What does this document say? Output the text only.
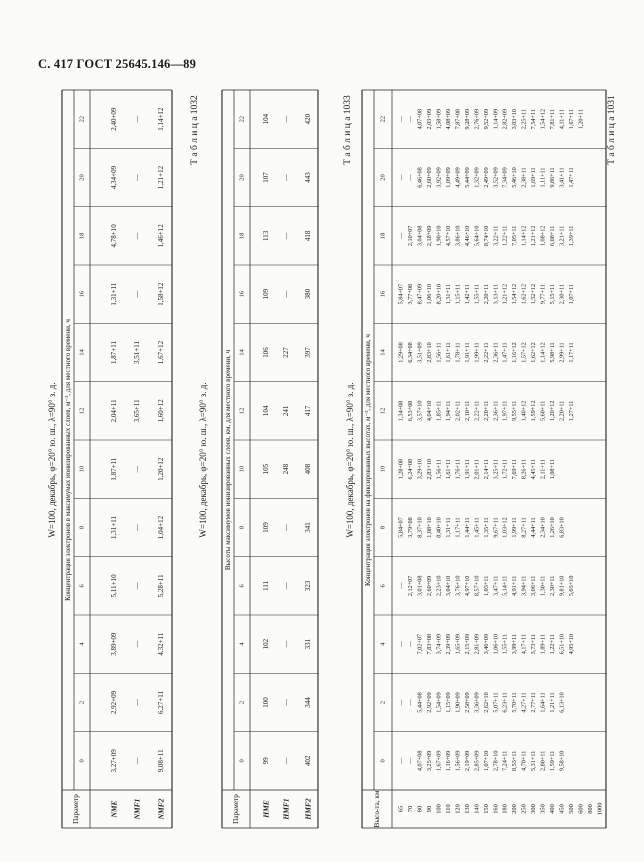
С. 417 ГОСТ 25645.146—89
Т а б л и ц а 1031
W=100, декабрь, φ=20° ю. ш., λ=90° з. д. Концентрация электронов в максимумах ионизированных слоев, м⁻³, для местного времени, ч
Параметр
0
2
4
6
8
10
12
14
16
18
20
22
NME
3,27+09
2,92+09
3,89+09
5,11+10
1,31+11
1,87+11
2,04+11
1,87+11
1,31+11
4,78+10
4,34+09
2,40+09
NMF1
—
—
—
—
—
—
3,65+11
3,51+11
—
—
—
—
NMF2
9,08+11
6,27+11
4,32+11
5,28+11
1,04+12
1,20+12
1,60+12
1,67+12
1,58+12
1,46+12
1,21+12
1,14+12	Т а б л и ц а 1032
W=100, декабрь, φ=20° ю. ш., λ=90° з. д. Высоты максимумов ионизированных слоев, км, для местного времени, ч
Параметр
0
2
4
6
8
10
12
14
16
18
20
22
HME
99
100
102
111
109
105
104
106
109
113
107
104
HMF1
—
—
—
—
—
248
241
227
—
—
—
—
HMF2
402
344
331
323
341
408
417
397
380
418
443
420	Т а б л и ц а 1033
W=100, декабрь, φ=20° ю. ш., λ=90° з. д. Концентрация электронов на фиксированных высотах, м⁻³, для местного времени, ч
Высо-та, км
0
2
4
6
8
10
12
14
16
18
20
22
65 70 80 90 100 110 120 130 140 150 160 180 200 250 300 350 400 450 500 600 800 1000
— — 4,07+08 3,25+09 1,67+09 1,16+09 1,56+09 2,19+09 2,85+09 1,07+10 2,78+10 7,24+11 8,53+11 4,70+11 5,31+11 2,80+11 1,59+11 9,58+10
— — 5,44+08 2,92+09 1,54+09 1,15+09 1,90+09 2,58+09 3,36+09 2,62+10 5,07+11 6,23+11 5,70+11 4,27+11 2,77+11 1,64+11 1,21+11 6,13+10
— — 7,02+07 7,83+08 3,74+09 2,39+09 1,65+09 2,15+09 2,81+09 3,46+09 1,06+10 1,55+11 3,99+11 4,17+11 3,73+11 1,89+11 1,22+11 6,51+10 4,95+10
— 2,12+07 3,01+08 2,60+09 2,23+10 3,04+10 3,76+10 4,97+10 8,57+10 1,03+11 3,47+11 5,14+11 4,91+11 3,94+11 3,06+11 1,30+11 2,30+11 9,81+10 5,03+10
5,84+07 3,79+08 8,37+10 1,08+10 8,40+10 1,31+11 1,17+11 1,44+11 1,45+11 1,35+11 9,67+11 1,03+12 1,99+11 8,27+11 4,44+11 2,34+10 1,26+10 6,83+10
1,28+08 6,24+08 3,29+10 2,83+10 1,56+11 1,61+11 1,76+11 1,91+11 2,01+11 2,14+11 3,25+11 1,72+11 7,69+11 8,26+11 4,45+11 2,11+11 1,08+11
1,34+08 6,53+08 3,57+10 4,04+10 1,85+11 1,94+11 2,02+11 2,10+11 2,22+11 2,20+11 2,36+11 1,97+11 9,55+11 1,40+12 1,59+12 5,60+11 1,20+12 2,20+11 1,27+11
1,29+08 6,34+08 3,51+09 2,83+10 1,56+11 1,61+11 1,78+11 1,91+11 1,99+11 2,22+11 2,36+11 1,47+11 1,16+12 1,57+12 1,62+12 1,14+12 5,98+11 2,99+11 1,17+11
5,84+07 3,77+08 8,47+09 1,06+10 8,20+10 1,31+11 1,15+11 1,42+11 1,55+11 2,20+11 3,13+11 1,21+12 1,54+12 1,62+12 1,52+12 9,77+11 5,15+11 2,30+11 1,07+11
— 2,10+07 3,04+08 2,18+09 1,90+10 4,57+10 3,86+10 4,46+10 5,64+10 8,74+10 3,22+11 1,22+11 7,05+11 1,14+12 1,21+12 1,08+12 6,08+11 3,21+11 1,39+11
— — 6,46+08 2,60+09 3,92+09 1,09+09 4,49+09 5,44+09 1,32+09 2,49+09 3,52+09 7,34+09 5,46+10 2,38+11 1,69+11 1,11+11 9,86+11 3,41+11 1,47+11
— — 4,07+08 2,03+09 1,58+09 4,08+09 7,87+08 9,28+09 2,76+09 9,52+09 1,14+09 2,82+09 3,03+10 2,25+11 7,54+11 1,54+12 7,81+11 4,11+11 1,67+11 1,20+11
